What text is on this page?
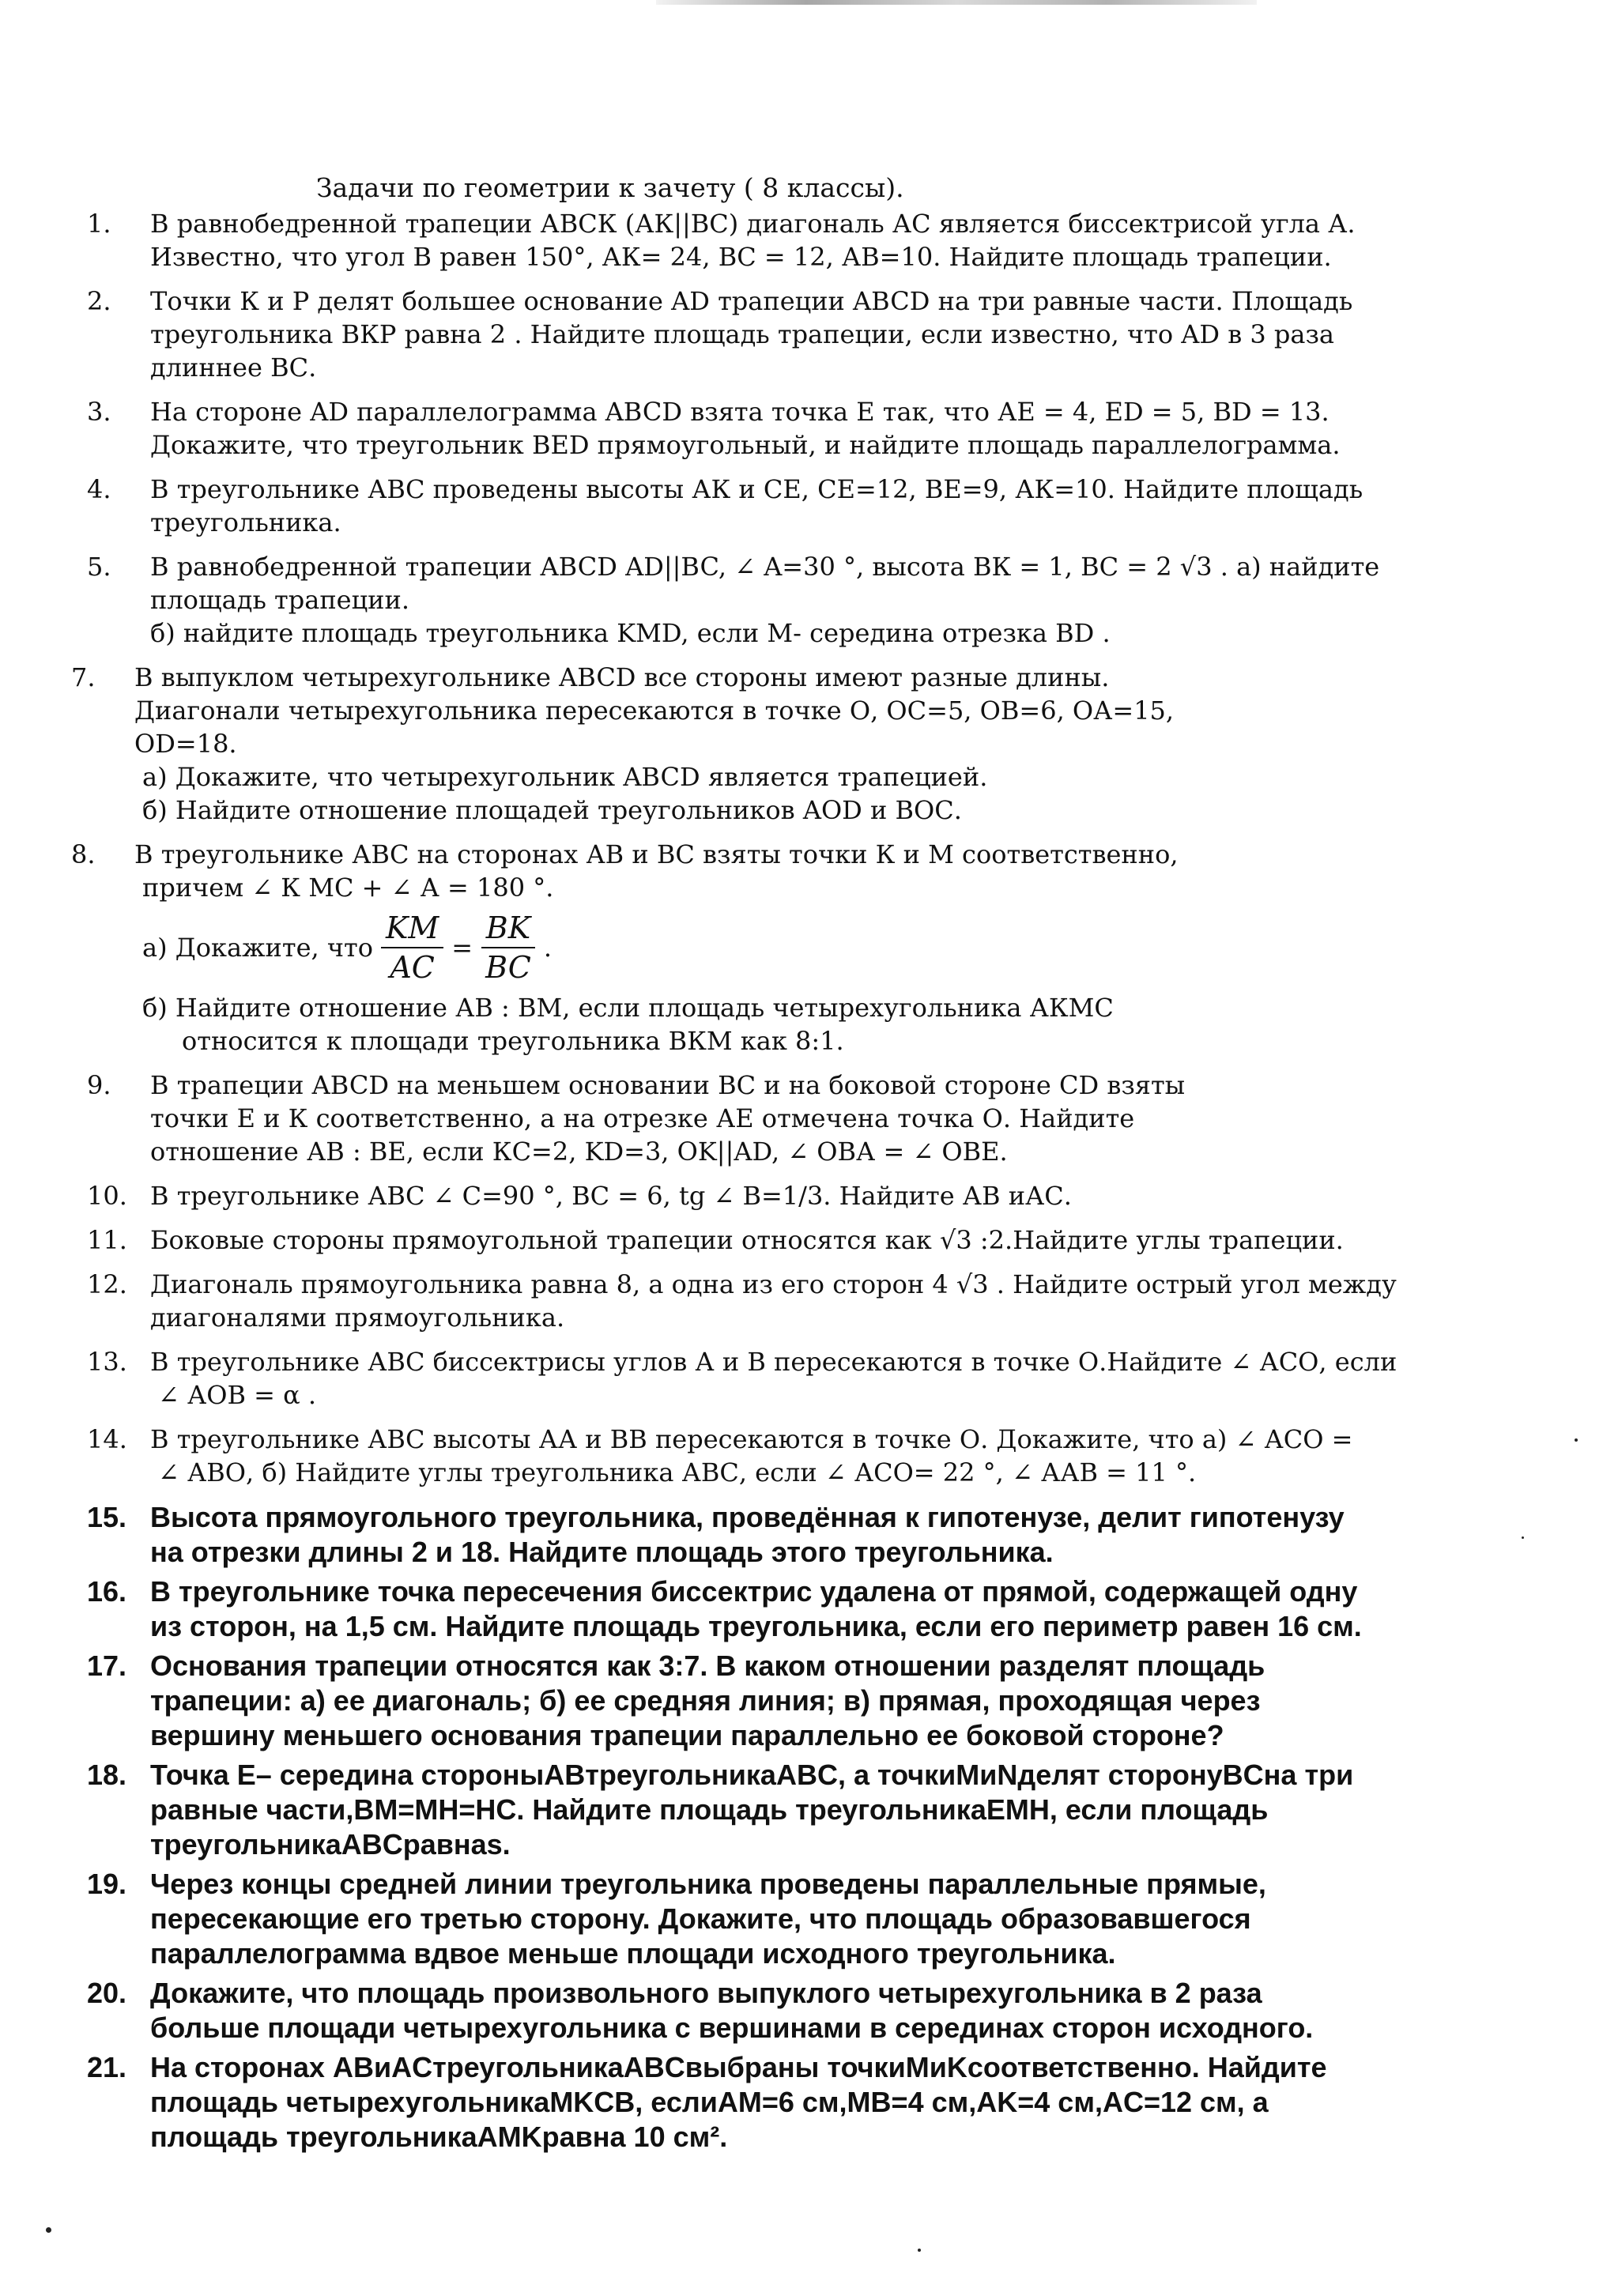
Задачи по геометрии к зачету ( 8 классы).
1.	В равнобедренной трапеции АВСК (АК||ВС) диагональ АС является биссектрисой угла А.
Известно, что угол В равен 150°, АК= 24, ВС = 12, АВ=10. Найдите площадь трапеции.
2.	Точки К и Р делят большее основание AD трапеции ABCD на три равные части. Площадь
треугольника ВКР равна 2 . Найдите площадь трапеции, если известно, что AD в 3 раза
длиннее ВС.
3.	На стороне AD параллелограмма ABCD взята точка Е так, что АЕ = 4, ED = 5, BD = 13.
Докажите, что треугольник BED прямоугольный, и найдите площадь параллелограмма.
4.	В треугольнике АВС проведены высоты АК и СЕ, СЕ=12, ВЕ=9, АК=10. Найдите площадь
треугольника.
5.	В равнобедренной трапеции ABCD AD||BC, ∠ A=30 °, высота ВК = 1, ВС = 2 √3 . а) найдите
площадь трапеции.
б) найдите площадь треугольника KMD, если М- середина отрезка BD .
7.	В выпуклом четырехугольнике ABCD все стороны имеют разные длины.
Диагонали четырехугольника пересекаются в точке О, ОС=5, ОВ=6, ОА=15,
OD=18.
а) Докажите, что четырехугольник ABCD является трапецией.
б) Найдите отношение площадей треугольников AOD и ВОС.
8.	В треугольнике АВС на сторонах АВ и ВС взяты точки К и М соответственно,
причем ∠ К МС + ∠ А = 180 °.
а) Докажите, что $\frac{KM}{AC} = \frac{BK}{BC}$ .
б) Найдите отношение АВ : ВМ, если площадь четырехугольника АКМС
относится к площади треугольника ВКМ как 8:1.
9.	В трапеции ABCD на меньшем основании ВС и на боковой стороне CD взяты
точки Е и К соответственно, а на отрезке АЕ отмечена точка О. Найдите
отношение АВ : BE, если КС=2, KD=3, OK||AD, ∠ ОВА = ∠ ОВЕ.
10. В треугольнике АВС ∠ С=90 °, ВС = 6, tg ∠ В=1/3. Найдите АВ иАС.
11. Боковые стороны прямоугольной трапеции относятся как √3 :2.Найдите углы трапеции.
12. Диагональ прямоугольника равна 8, а одна из его сторон 4 √3 . Найдите острый угол между
диагоналями прямоугольника.
13. В треугольнике АВС биссектрисы углов А и В пересекаются в точке О.Найдите ∠ АСО, если
∠ АОВ = α .
14. В треугольнике АВС высоты АА и ВВ пересекаются в точке О. Докажите, что а) ∠ АСО =
∠ АВО, б) Найдите углы треугольника АВС, если ∠ АСО= 22 °, ∠ ААВ = 11 °.
15. Высота прямоугольного треугольника, проведённая к гипотенузе, делит гипотенузу
на отрезки длины 2 и 18. Найдите площадь этого треугольника.
16. В треугольнике точка пересечения биссектрис удалена от прямой, содержащей одну
из сторон, на 1,5 см. Найдите площадь треугольника, если его периметр равен 16 см.
17. Основания трапеции относятся как 3:7. В каком отношении разделят площадь
трапеции: а) ее диагональ; б) ее средняя линия; в) прямая, проходящая через
вершину меньшего основания трапеции параллельно ее боковой стороне?
18. Точка E– середина стороныABтреугольникаABC, а точкиMиNделят сторонуBCна три
равные части,BM=MH=HC. Найдите площадь треугольникаEMH, если площадь
треугольникаABCравнаs.
19. Через концы средней линии треугольника проведены параллельные прямые,
пересекающие его третью сторону. Докажите, что площадь образовавшегося
параллелограмма вдвое меньше площади исходного треугольника.
20. Докажите, что площадь произвольного выпуклого четырехугольника в 2 раза
больше площади четырехугольника с вершинами в серединах сторон исходного.
21. На сторонах ABиACтреугольникаABCвыбраны точкиMиKсоответственно. Найдите
площадь четырехугольникаMKCB, еслиAM=6 см,MB=4 см,AK=4 см,AC=12 см, а
площадь треугольникаAMKравна 10 см².
